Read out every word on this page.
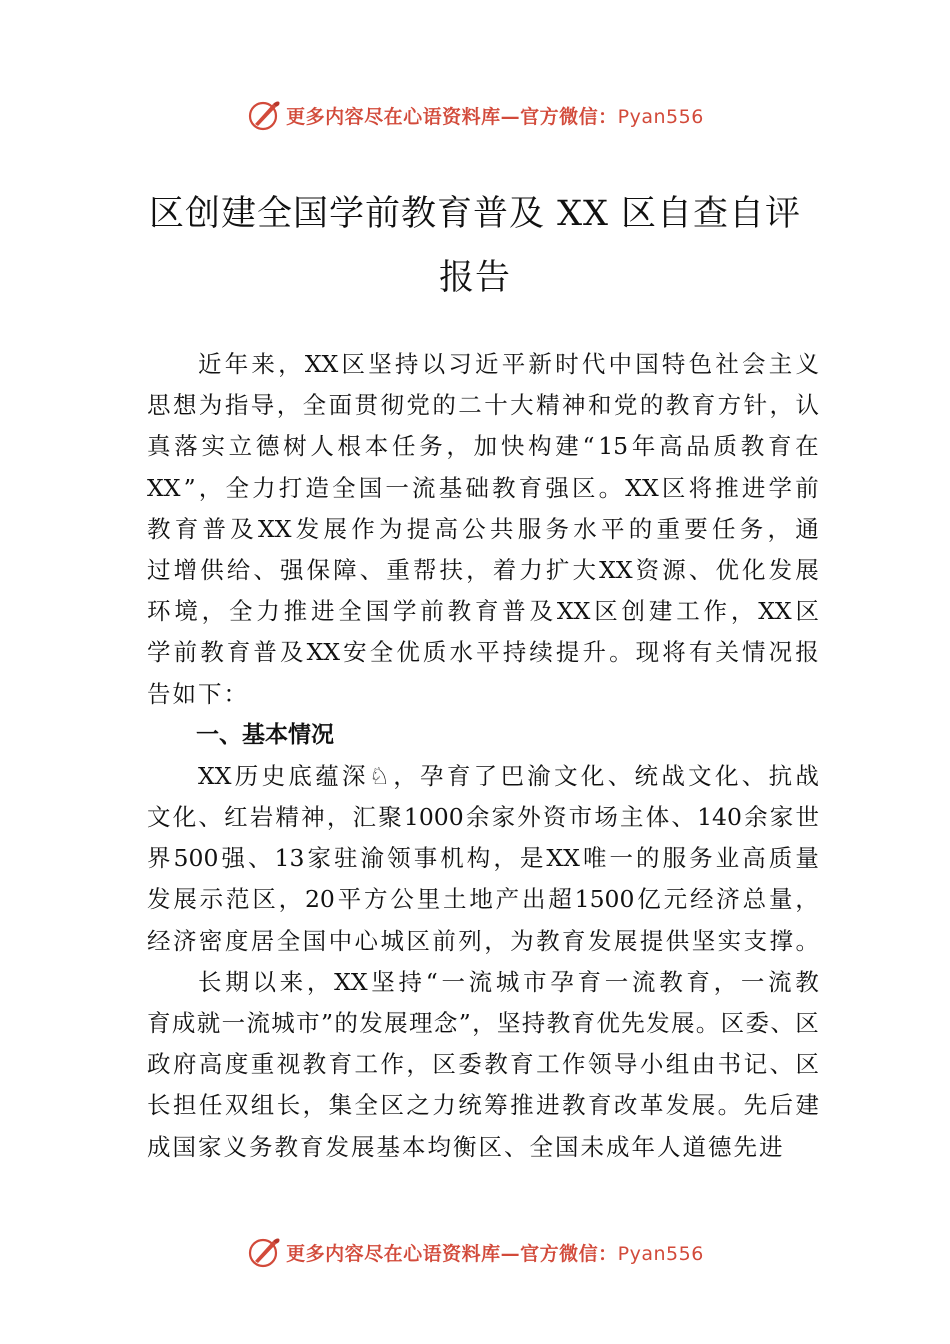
更多内容尽在心语资料库—官方微信：Pyan556
区创建全国学前教育普及 XX 区自查自评
报告
近 年 来 ， XX 区 坚 持 以 习 近 平 新 时 代 中 国 特 色 社 会 主 义
思 想 为 指 导 ， 全 面 贯 彻 党 的 二 十 大 精 神 和 党 的 教 育 方 针 ， 认
真 落 实 立 德 树 人 根 本 任 务 ， 加 快 构 建 “ 15 年 高 品 质 教 育 在
XX ” ， 全 力 打 造 全 国 一 流 基 础 教 育 强 区 。 XX 区 将 推 进 学 前
教 育 普 及 XX 发 展 作 为 提 高 公 共 服 务 水 平 的 重 要 任 务 ， 通
过 增 供 给 、 强 保 障 、 重 帮 扶 ， 着 力 扩 大 XX 资 源 、 优 化 发 展
环 境 ， 全 力 推 进 全 国 学 前 教 育 普 及 XX 区 创 建 工 作 ， XX 区
学 前 教 育 普 及 XX 安 全 优 质 水 平 持 续 提 升 。 现 将 有 关 情 况 报
告如下：
一、基本情况
XX 历 史 底 蕴 深 ♘ ， 孕 育 了 巴 渝 文 化 、 统 战 文 化 、 抗 战
文 化 、 红 岩 精 神 ， 汇 聚 1000 余 家 外 资 市 场 主 体 、 140 余 家 世
界 500 强 、 13 家 驻 渝 领 事 机 构 ， 是 XX 唯 一 的 服 务 业 高 质 量
发 展 示 范 区 ， 20 平 方 公 里 土 地 产 出 超 1500 亿 元 经 济 总 量 ，
经 济 密 度 居 全 国 中 心 城 区 前 列 ， 为 教 育 发 展 提 供 坚 实 支 撑 。
长 期 以 来 ， XX 坚 持 “ 一 流 城 市 孕 育 一 流 教 育 ， 一 流 教
育 成 就 一 流 城 市 ” 的 发 展 理 念 ” ， 坚 持 教 育 优 先 发 展 。 区 委 、 区
政 府 高 度 重 视 教 育 工 作 ， 区 委 教 育 工 作 领 导 小 组 由 书 记 、 区
长 担 任 双 组 长 ， 集 全 区 之 力 统 筹 推 进 教 育 改 革 发 展 。 先 后 建
成国家义务教育发展基本均衡区、全国未成年人道德先进
更多内容尽在心语资料库—官方微信：Pyan556
